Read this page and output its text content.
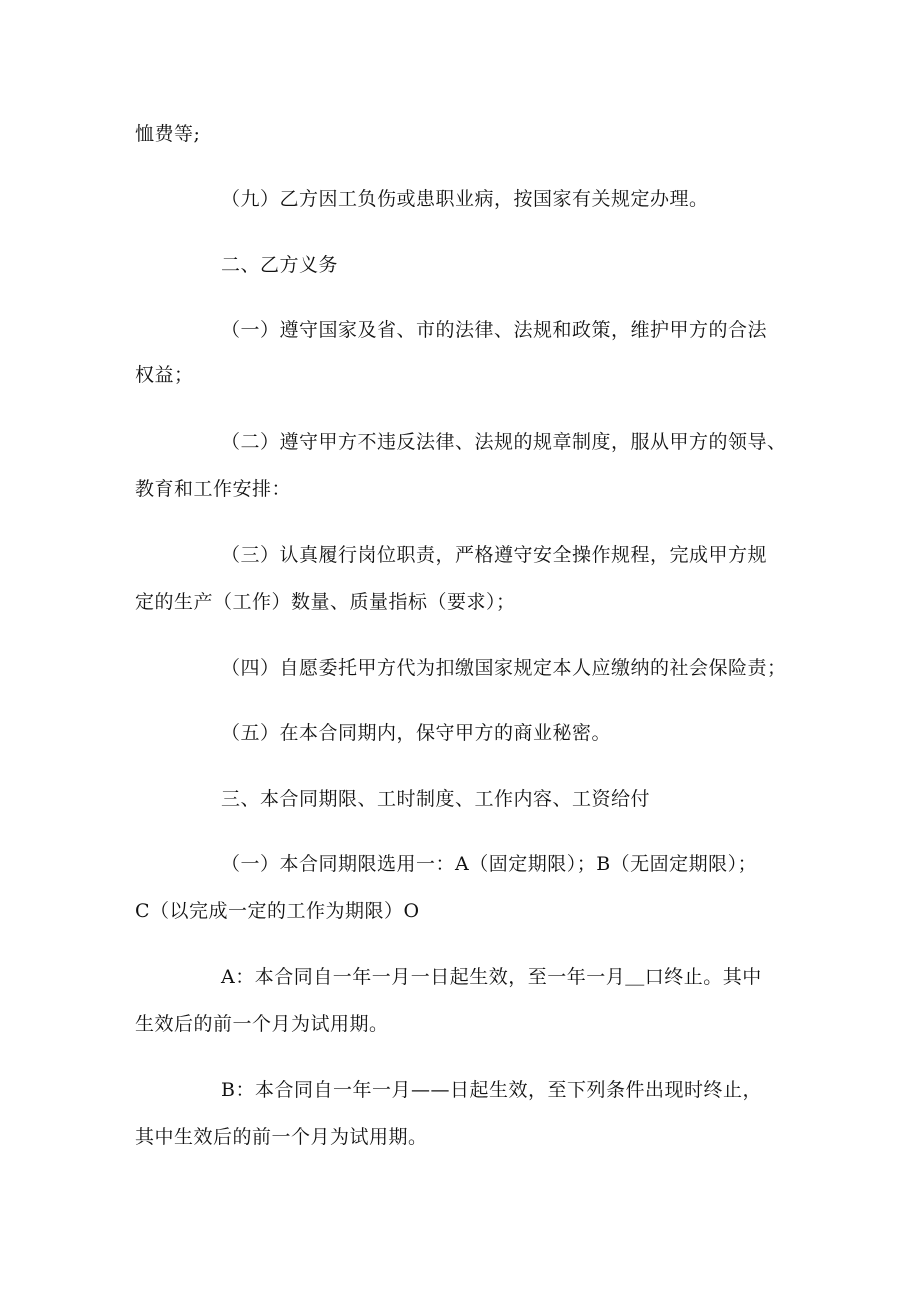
恤费等;
（九）乙方因工负伤或患职业病，按国家有关规定办理。
二、乙方义务
（一）遵守国家及省、市的法律、法规和政策，维护甲方的合法
权益；
（二）遵守甲方不违反法律、法规的规章制度，服从甲方的领导、
教育和工作安排：
（三）认真履行岗位职责，严格遵守安全操作规程，完成甲方规
定的生产（工作）数量、质量指标（要求）；
（四）自愿委托甲方代为扣缴国家规定本人应缴纳的社会保险责；
（五）在本合同期内，保守甲方的商业秘密。
三、本合同期限、工时制度、工作内容、工资给付
（一）本合同期限选用一：A（固定期限）；B（无固定期限）；
C（以完成一定的工作为期限）O
A：本合同自一年一月一日起生效，至一年一月＿口终止。其中
生效后的前一个月为试用期。
B：本合同自一年一月——日起生效，至下列条件出现时终止，
其中生效后的前一个月为试用期。
